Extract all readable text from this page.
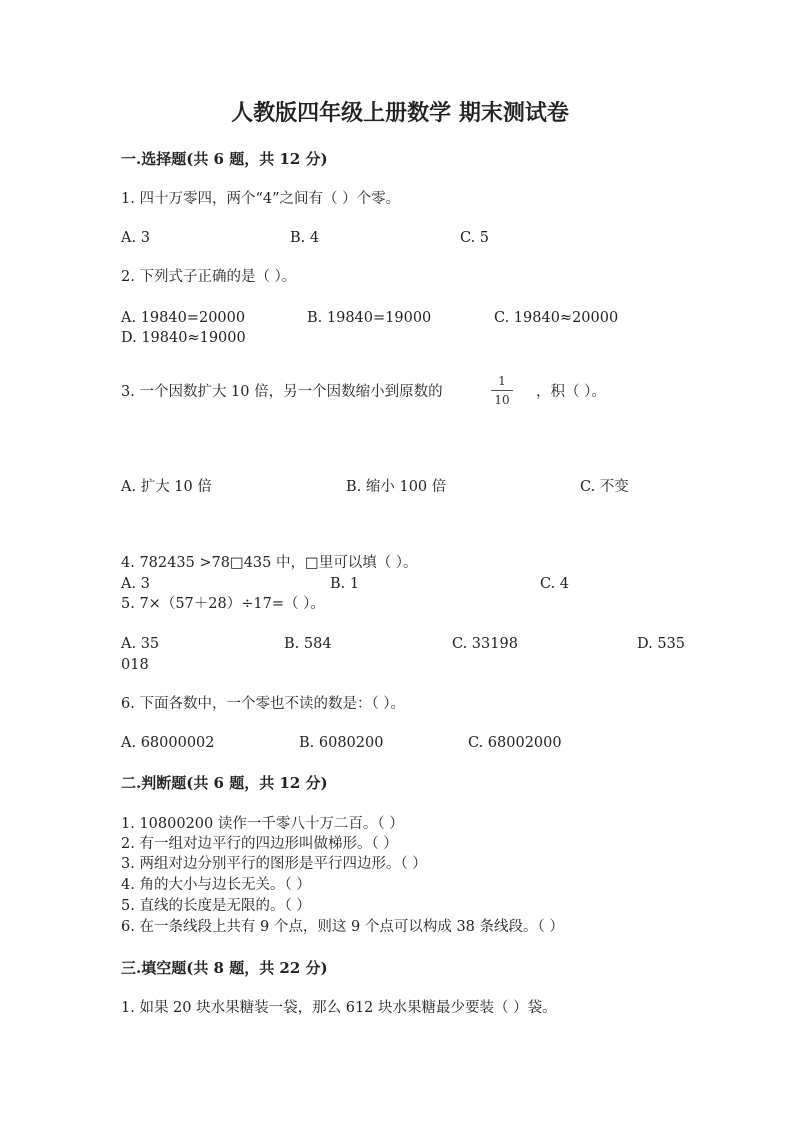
人教版四年级上册数学 期末测试卷
一.选择题(共 6 题，共 12 分)
1. 四十万零四，两个“4”之间有（ ）个零。
A. 3	B. 4	C. 5
2. 下列式子正确的是（ ）。
A. 19840=20000	B. 19840=19000	C. 19840≈20000
D. 19840≈19000
3. 一个因数扩大 10 倍，另一个因数缩小到原数的
1
10 ，积（ ）。
A. 扩大 10 倍	B. 缩小 100 倍	C. 不变
4. 782435 >78□435 中，□里可以填（ ）。
A. 3	B. 1	C. 4
5. 7×（57＋28）÷17=（ ）。
A. 35	B. 584	C. 33198	D. 535
018
6. 下面各数中，一个零也不读的数是：（ ）。
A. 68000002	B. 6080200	C. 68002000
二.判断题(共 6 题，共 12 分)
1. 10800200 读作一千零八十万二百。（ ）
2. 有一组对边平行的四边形叫做梯形。（ ）
3. 两组对边分别平行的图形是平行四边形。（ ）
4. 角的大小与边长无关。（ ）
5. 直线的长度是无限的。（ ）
6. 在一条线段上共有 9 个点，则这 9 个点可以构成 38 条线段。（ ）
三.填空题(共 8 题，共 22 分)
1. 如果 20 块水果糖装一袋，那么 612 块水果糖最少要装（ ）袋。
